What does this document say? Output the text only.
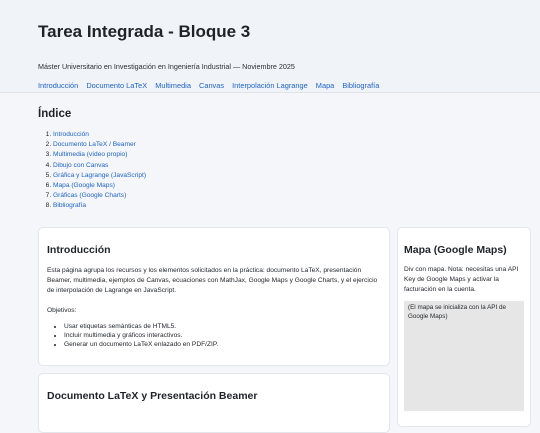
Tarea Integrada - Bloque 3
Máster Universitario en Investigación en Ingeniería Industrial — Noviembre 2025
Introducción Documento LaTeX Multimedia Canvas Interpolación Lagrange Mapa Bibliografía
Índice
1. Introducción
2. Documento LaTeX / Beamer
3. Multimedia (vídeo propio)
4. Dibujo con Canvas
5. Gráfica y Lagrange (JavaScript)
6. Mapa (Google Maps)
7. Gráficas (Google Charts)
8. Bibliografía
Introducción

Esta página agrupa los recursos y los elementos solicitados en la práctica: documento LaTeX, presentación Beamer, multimedia, ejemplos de Canvas, ecuaciones con MathJax, Google Maps y Google Charts, y el ejercicio de interpolación de Lagrange en JavaScript.

Objetivos:

• Usar etiquetas semánticas de HTML5.
• Incluir multimedia y gráficos interactivos.
• Generar un documento LaTeX enlazado en PDF/ZIP.
Documento LaTeX y Presentación Beamer
Mapa (Google Maps)

Div con mapa. Nota: necesitas una API Key de Google Maps y activar la facturación en la cuenta.

(El mapa se inicializa con la API de Google Maps)
